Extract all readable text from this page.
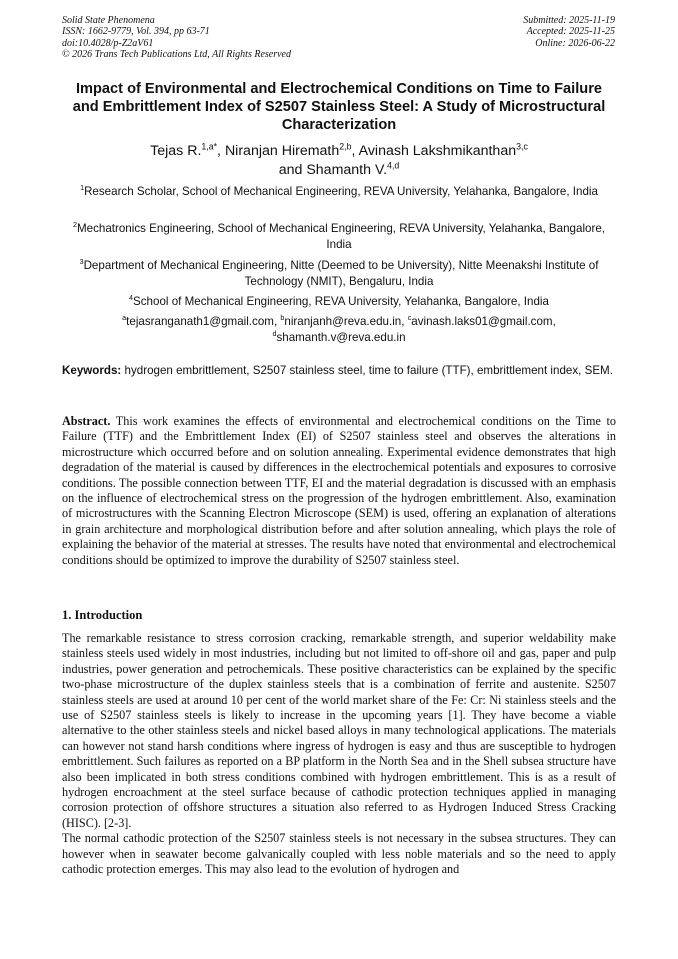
Solid State Phenomena
ISSN: 1662-9779, Vol. 394, pp 63-71
doi:10.4028/p-Z2aV61
© 2026 Trans Tech Publications Ltd, All Rights Reserved
Submitted: 2025-11-19
Accepted: 2025-11-25
Online: 2026-06-22
Impact of Environmental and Electrochemical Conditions on Time to Failure and Embrittlement Index of S2507 Stainless Steel: A Study of Microstructural Characterization
Tejas R.$^{1,a*}$, Niranjan Hiremath$^{2,b}$, Avinash Lakshmikanthan$^{3,c}$
and Shamanth V.$^{4,d}$
$^1$Research Scholar, School of Mechanical Engineering, REVA University, Yelahanka, Bangalore, India
$^2$Mechatronics Engineering, School of Mechanical Engineering, REVA University, Yelahanka, Bangalore, India
$^3$Department of Mechanical Engineering, Nitte (Deemed to be University), Nitte Meenakshi Institute of Technology (NMIT), Bengaluru, India
$^4$School of Mechanical Engineering, REVA University, Yelahanka, Bangalore, India
$^a$tejasranganath1@gmail.com, $^b$niranjanh@reva.edu.in, $^c$avinash.laks01@gmail.com,
$^d$shamanth.v@reva.edu.in
Keywords: hydrogen embrittlement, S2507 stainless steel, time to failure (TTF), embrittlement index, SEM.
Abstract. This work examines the effects of environmental and electrochemical conditions on the Time to Failure (TTF) and the Embrittlement Index (EI) of S2507 stainless steel and observes the alterations in microstructure which occurred before and on solution annealing. Experimental evidence demonstrates that high degradation of the material is caused by differences in the electrochemical potentials and exposures to corrosive conditions. The possible connection between TTF, EI and the material degradation is discussed with an emphasis on the influence of electrochemical stress on the progression of the hydrogen embrittlement. Also, examination of microstructures with the Scanning Electron Microscope (SEM) is used, offering an explanation of alterations in grain architecture and morphological distribution before and after solution annealing, which plays the role of explaining the behavior of the material at stresses. The results have noted that environmental and electrochemical conditions should be optimized to improve the durability of S2507 stainless steel.
1. Introduction

The remarkable resistance to stress corrosion cracking, remarkable strength, and superior weldability make stainless steels used widely in most industries, including but not limited to off-shore oil and gas, paper and pulp industries, power generation and petrochemicals. These positive characteristics can be explained by the specific two-phase microstructure of the duplex stainless steels that is a combination of ferrite and austenite. S2507 stainless steels are used at around 10 per cent of the world market share of the Fe: Cr: Ni stainless steels and the use of S2507 stainless steels is likely to increase in the upcoming years [1]. They have become a viable alternative to the other stainless steels and nickel based alloys in many technological applications. The materials can however not stand harsh conditions where ingress of hydrogen is easy and thus are susceptible to hydrogen embrittlement. Such failures as reported on a BP platform in the North Sea and in the Shell subsea structure have also been implicated in both stress conditions combined with hydrogen embrittlement. This is as a result of hydrogen encroachment at the steel surface because of cathodic protection techniques applied in managing corrosion protection of offshore structures a situation also referred to as Hydrogen Induced Stress Cracking (HISC). [2-3].

The normal cathodic protection of the S2507 stainless steels is not necessary in the subsea structures. They can however when in seawater become galvanically coupled with less noble materials and so the need to apply cathodic protection emerges. This may also lead to the evolution of hydrogen and
